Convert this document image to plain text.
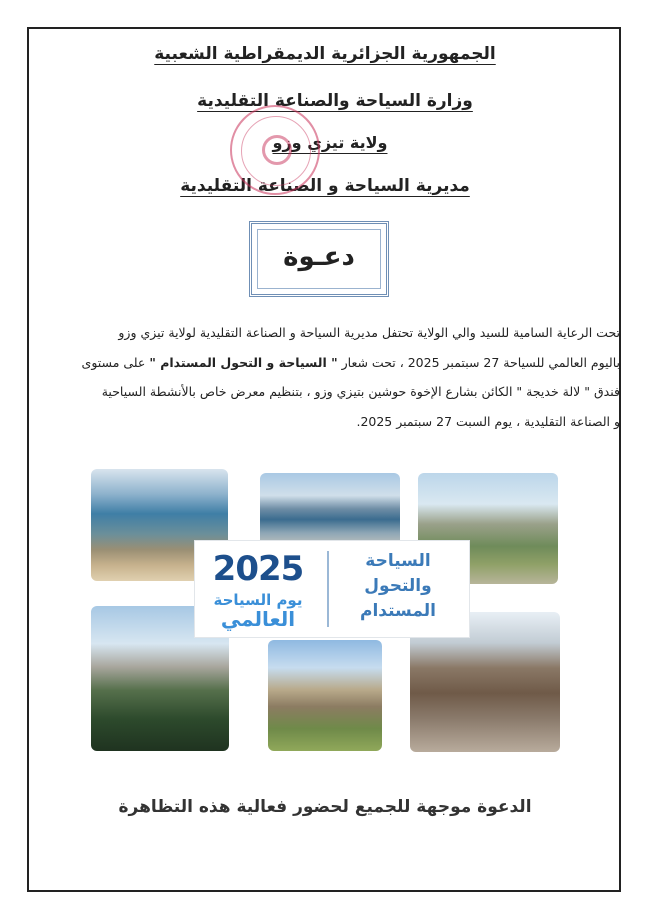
الجمهورية الجزائرية الديمقراطية الشعبية
وزارة السياحة والصناعة التقليدية
ولاية تيزي وزو
مديرية السياحة و الصناعة التقليدية
دعـوة

تحت الرعاية السامية للسيد والي الولاية تحتفل مديرية السياحة و الصناعة التقليدية لولاية تيزي وزو

باليوم العالمي للسياحة 27 سبتمبر 2025 ، تحت شعار " السياحة و التحول المستدام " على مستوى

فندق " لالة خديجة " الكائن بشارع الإخوة حوشين بتيزي وزو ، بتنظيم معرض خاص بالأنشطة السياحية

و الصناعة التقليدية ، يوم السبت 27 سبتمبر 2025.

2025
يوم السياحة
العالمي
السياحة
والتحول
المستدام
الدعوة موجهة للجميع لحضور فعالية هذه التظاهرة
